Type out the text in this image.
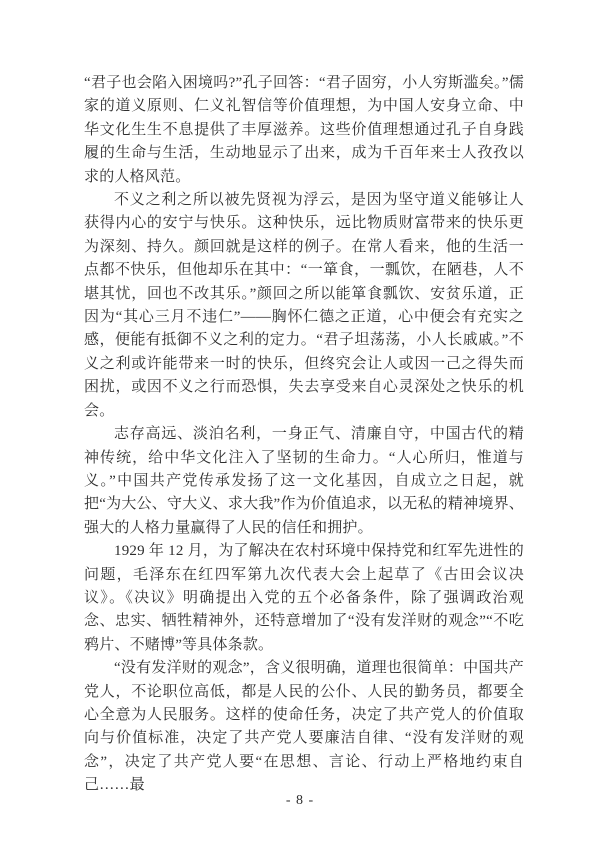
“君子也会陷入困境吗?”孔子回答：“君子固穷，小人穷斯滥矣。”儒家的道义原则、仁义礼智信等价值理想，为中国人安身立命、中华文化生生不息提供了丰厚滋养。这些价值理想通过孔子自身践履的生命与生活，生动地显示了出来，成为千百年来士人孜孜以求的人格风范。

不义之利之所以被先贤视为浮云，是因为坚守道义能够让人获得内心的安宁与快乐。这种快乐，远比物质财富带来的快乐更为深刻、持久。颜回就是这样的例子。在常人看来，他的生活一点都不快乐，但他却乐在其中：“一箪食，一瓢饮，在陋巷，人不堪其忧，回也不改其乐。”颜回之所以能箪食瓢饮、安贫乐道，正因为“其心三月不违仁”——胸怀仁德之正道，心中便会有充实之感，便能有抵御不义之利的定力。“君子坦荡荡，小人长戚戚。”不义之利或许能带来一时的快乐，但终究会让人或因一己之得失而困扰，或因不义之行而恐惧，失去享受来自心灵深处之快乐的机会。

志存高远、淡泊名利，一身正气、清廉自守，中国古代的精神传统，给中华文化注入了坚韧的生命力。“人心所归，惟道与义。”中国共产党传承发扬了这一文化基因，自成立之日起，就把“为大公、守大义、求大我”作为价值追求，以无私的精神境界、强大的人格力量赢得了人民的信任和拥护。

1929 年 12 月，为了解决在农村环境中保持党和红军先进性的问题，毛泽东在红四军第九次代表大会上起草了《古田会议决议》。《决议》明确提出入党的五个必备条件，除了强调政治观念、忠实、牺牲精神外，还特意增加了“没有发洋财的观念”“不吃鸦片、不赌博”等具体条款。

“没有发洋财的观念”，含义很明确，道理也很简单：中国共产党人，不论职位高低，都是人民的公仆、人民的勤务员，都要全心全意为人民服务。这样的使命任务，决定了共产党人的价值取向与价值标准，决定了共产党人要廉洁自律、“没有发洋财的观念”，决定了共产党人要“在思想、言论、行动上严格地约束自己……最

- 8 -
